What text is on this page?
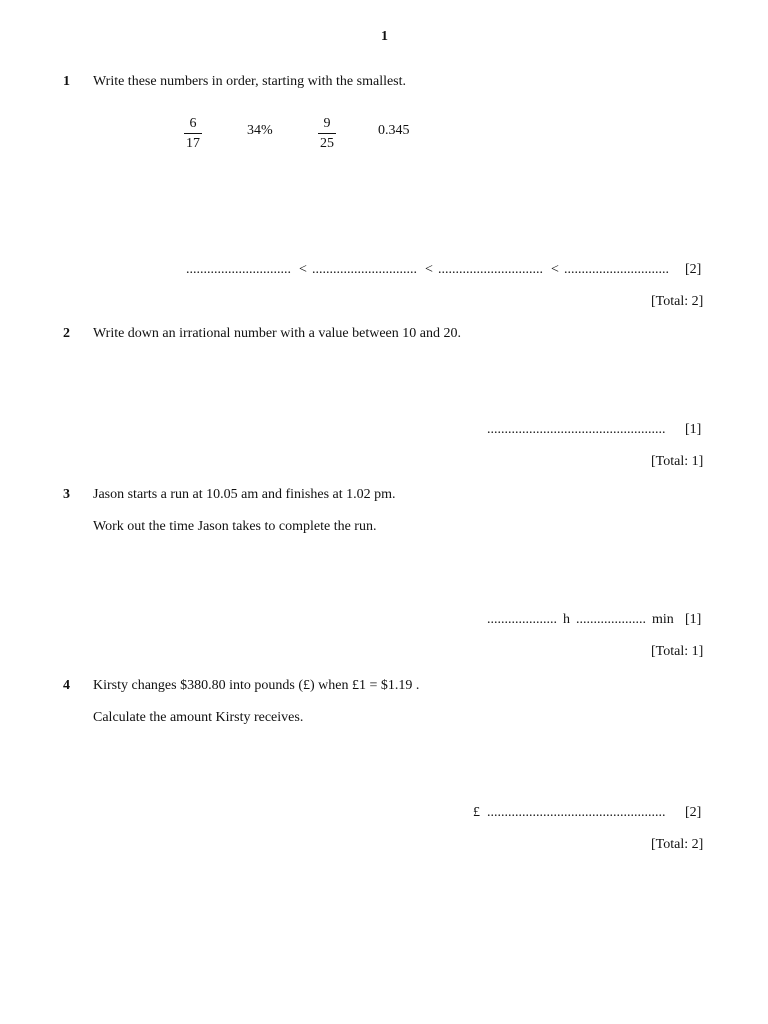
1
1 Write these numbers in order, starting with the smallest.
6
17
34%	9
25
0.345
.............................. < .............................. < .............................. < .............................. [2]
[Total: 2]
2 Write down an irrational number with a value between 10 and 20.
................................................... [1]
[Total: 1]
3 Jason starts a run at 10.05 am and finishes at 1.02 pm.
Work out the time Jason takes to complete the run.
.................... h .................... min [1]
[Total: 1]
4 Kirsty changes $380.80 into pounds (£) when £1 = $1.19 .
Calculate the amount Kirsty receives.
£ ................................................... [2]
[Total: 2]
